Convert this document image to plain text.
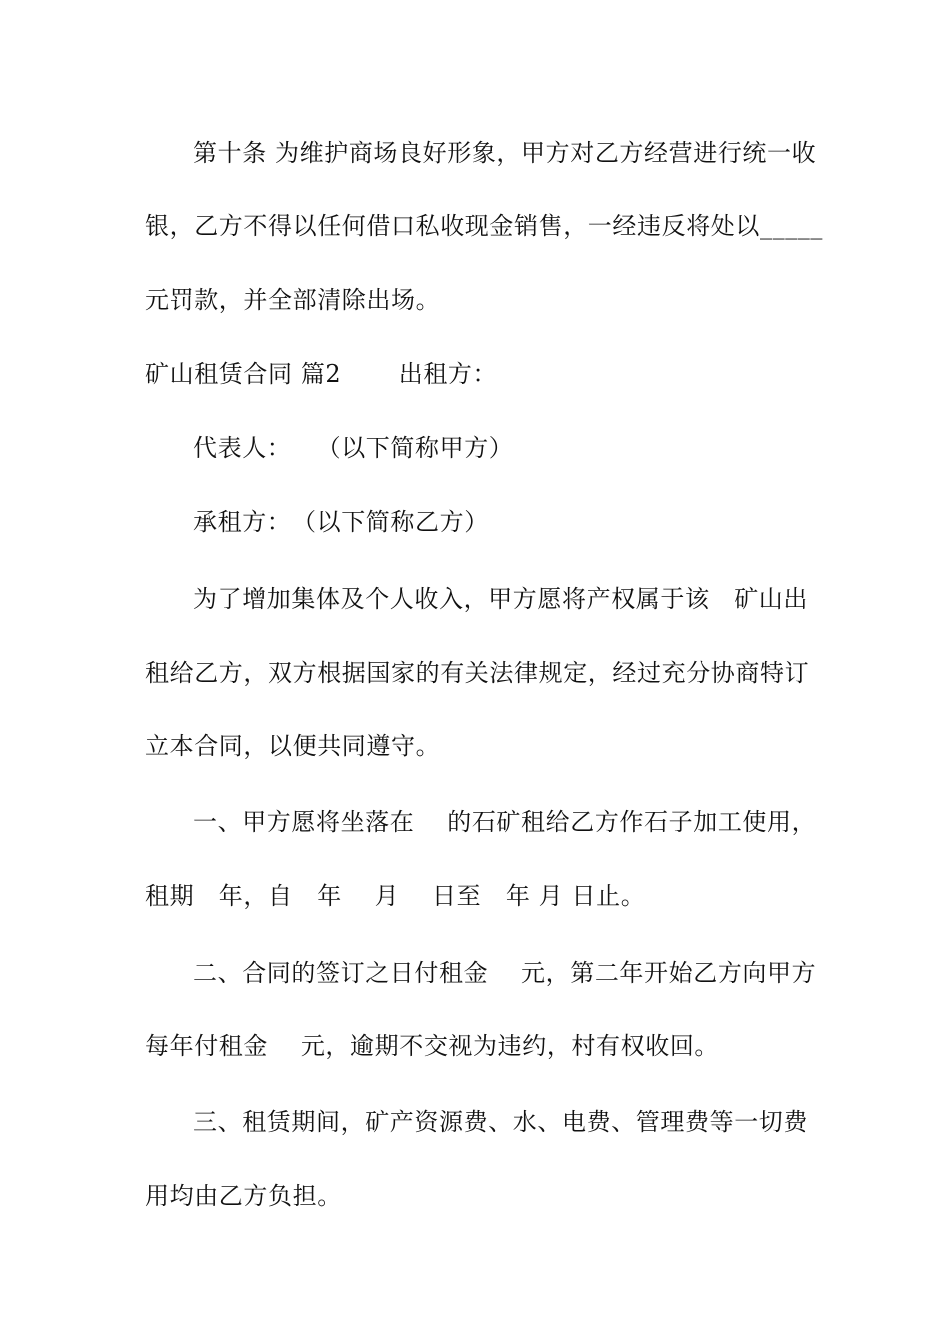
第十条 为维护商场良好形象，甲方对乙方经营进行统一收
银，乙方不得以任何借口私收现金销售，一经违反将处以_____
元罚款，并全部清除出场。
矿山租赁合同 篇2　　 出租方：
代表人：　　（以下简称甲方）
承租方：　（以下简称乙方）
为了增加集体及个人收入，甲方愿将产权属于该　矿山出
租给乙方，双方根据国家的有关法律规定，经过充分协商特订
立本合同，以便共同遵守。
一、甲方愿将坐落在　 的石矿租给乙方作石子加工使用，
租期　年，自　年　 月　 日至　年 月 日止。
二、合同的签订之日付租金　 元，第二年开始乙方向甲方
每年付租金　 元，逾期不交视为违约，村有权收回。
三、租赁期间，矿产资源费、水、电费、管理费等一切费
用均由乙方负担。
